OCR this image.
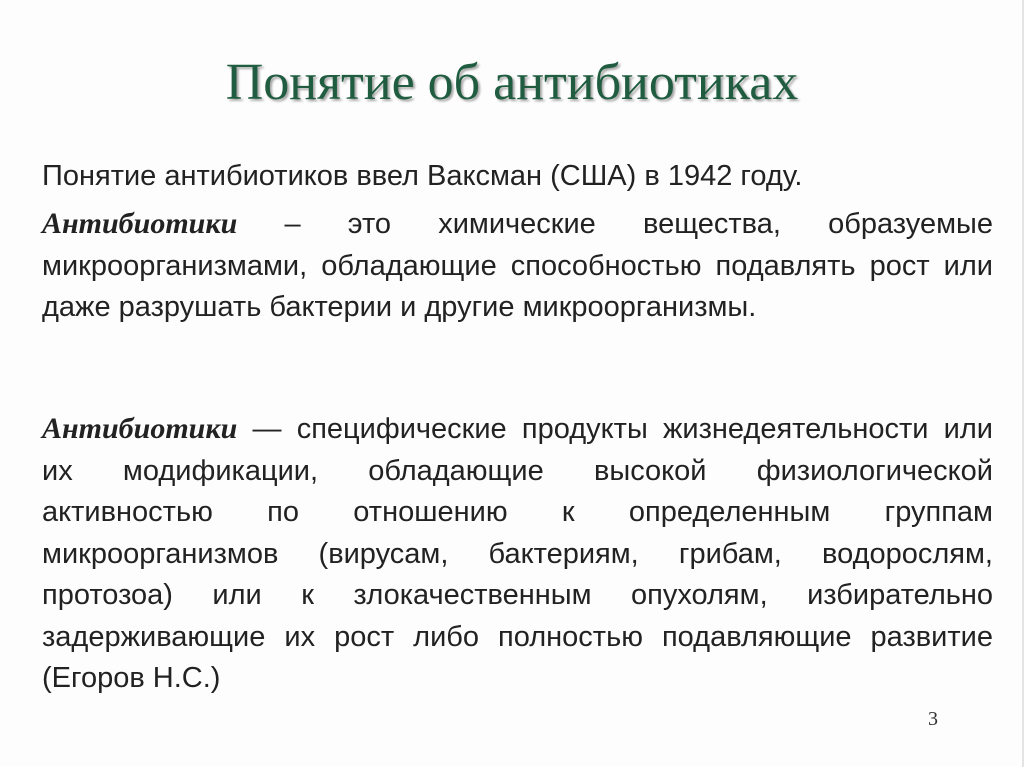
Понятие об антибиотиках

Понятие антибиотиков ввел Ваксман (США) в 1942 году.

Антибиотики – это химические вещества, образуемые микроорганизмами, обладающие способностью подавлять рост или даже разрушать бактерии и другие микроорганизмы.

Антибиотики — специфические продукты жизнедеятельности или их модификации, обладающие высокой физиологической активностью по отношению к определенным группам микроорганизмов (вирусам, бактериям, грибам, водорослям, протозоа) или к злокачественным опухолям, избирательно задерживающие их рост либо полностью подавляющие развитие (Егоров Н.С.)

3
